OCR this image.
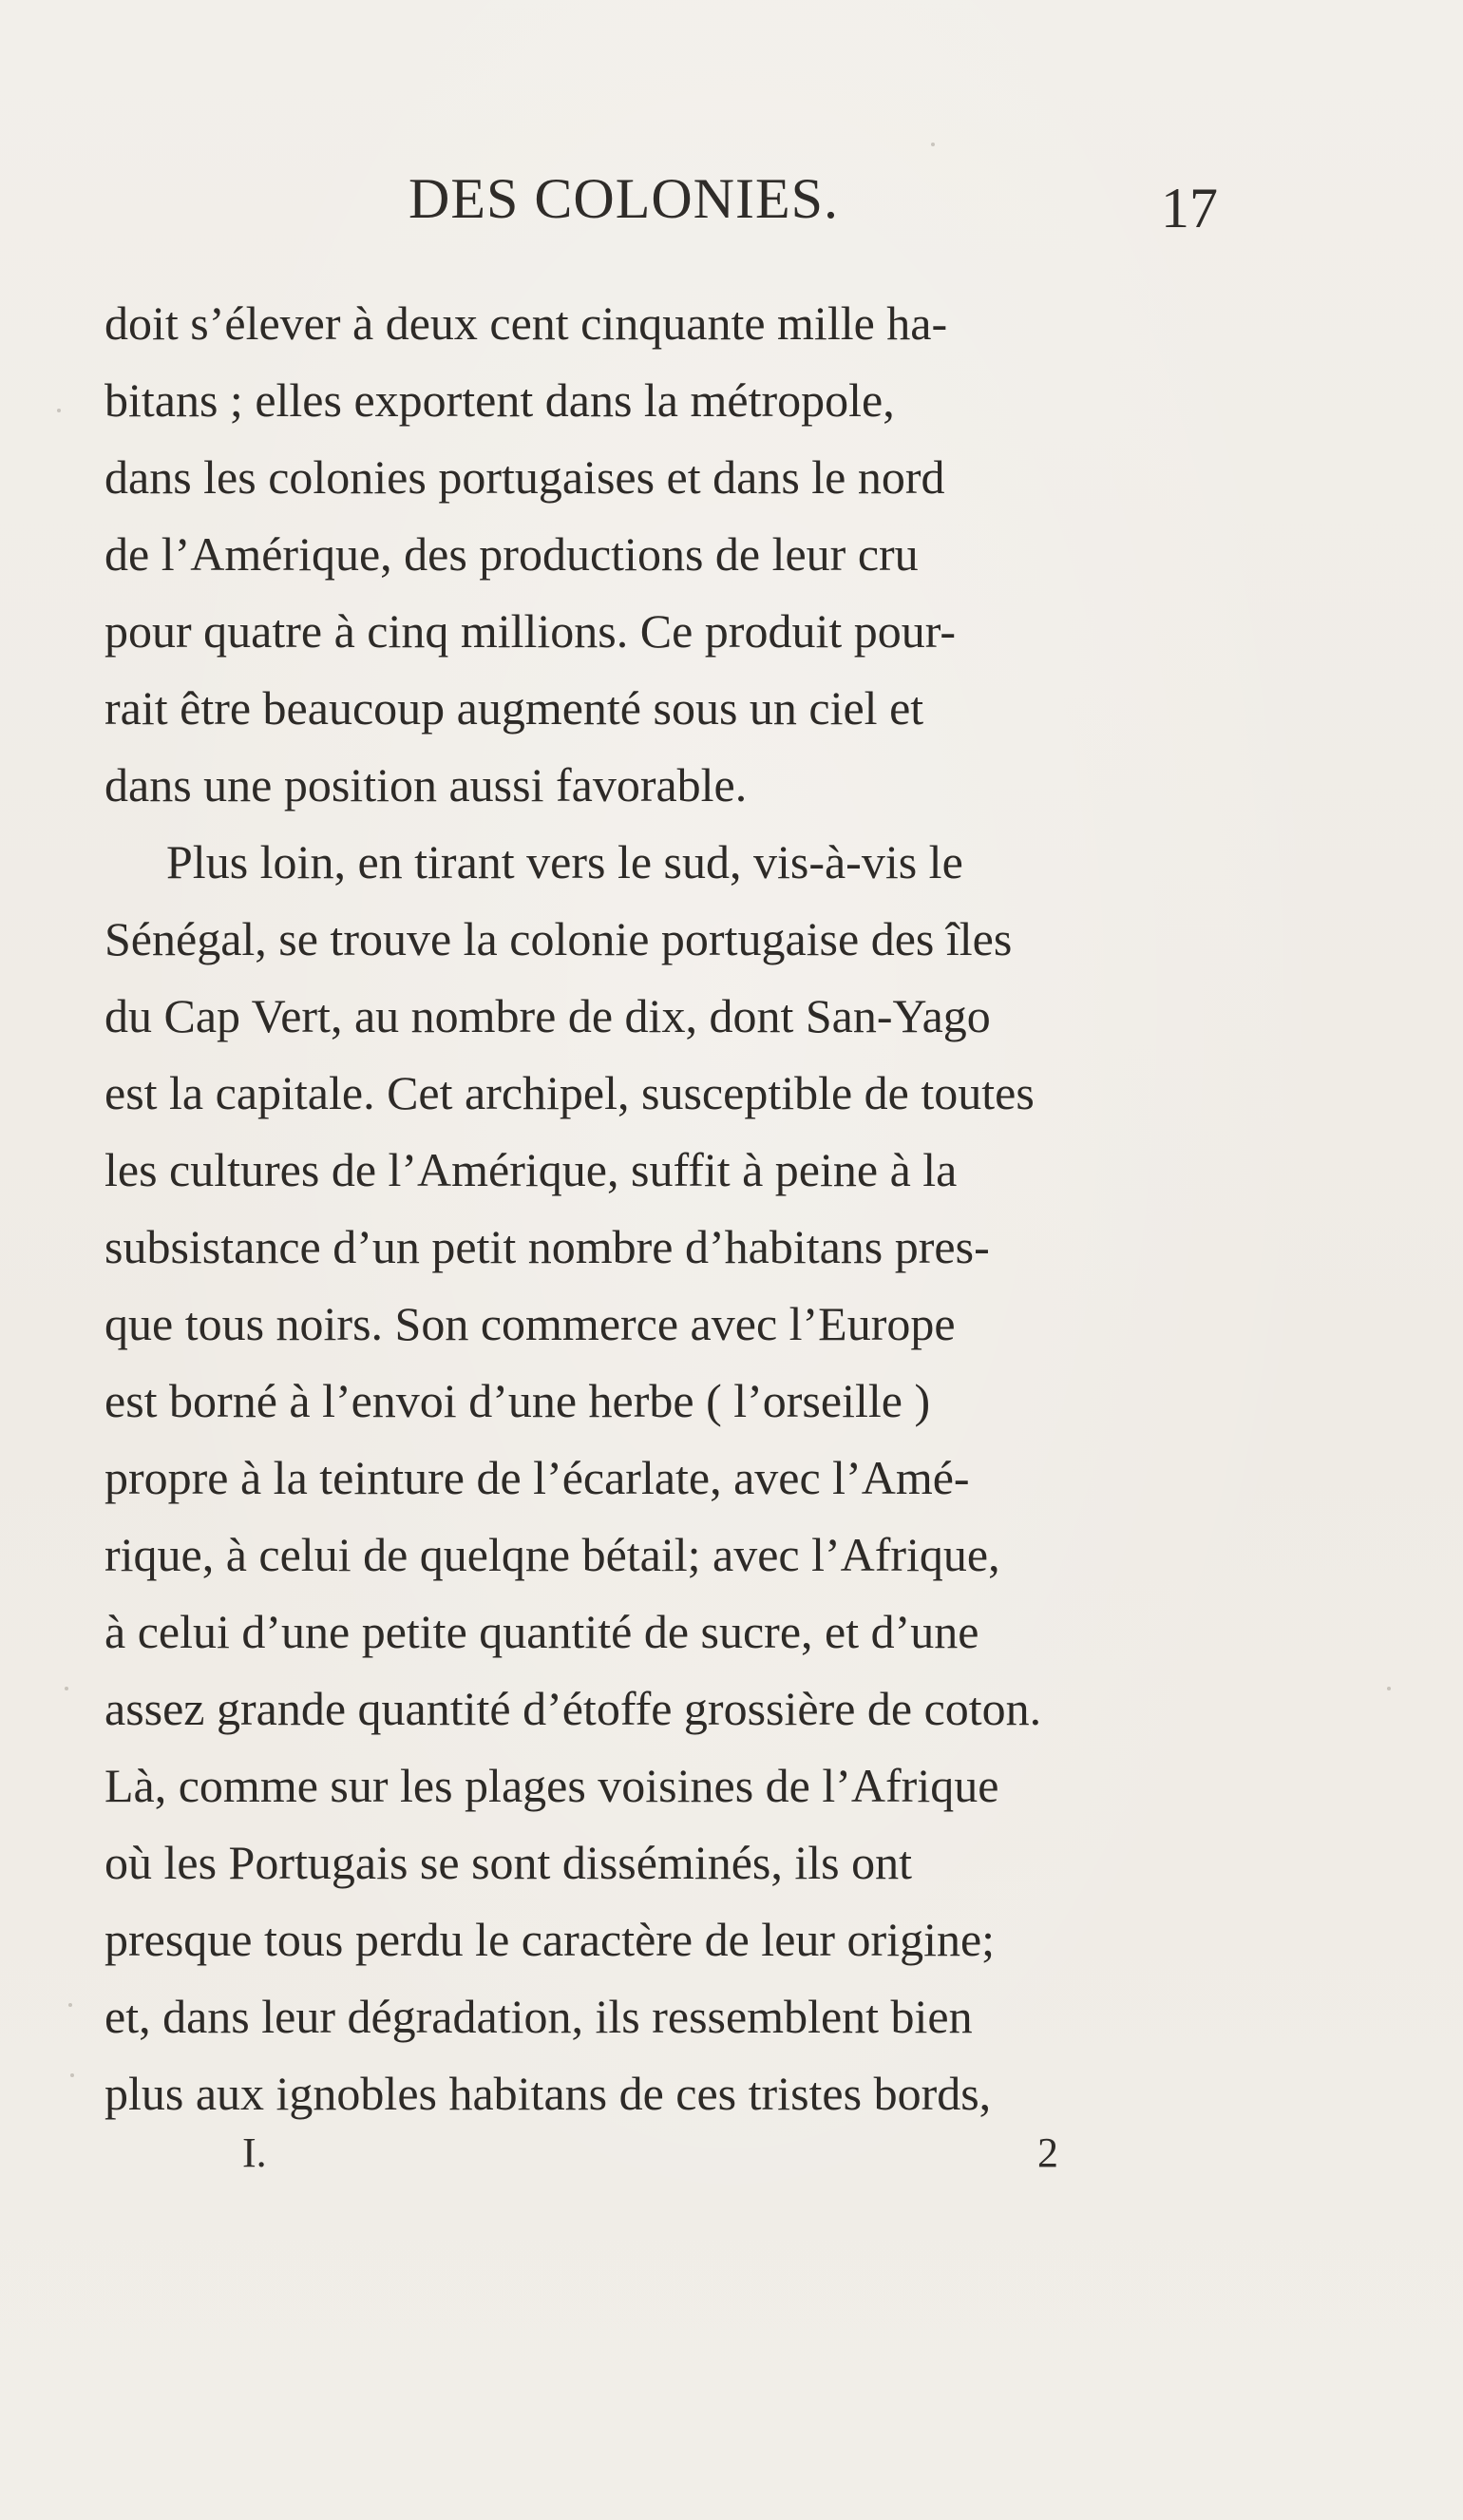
DES COLONIES.	17
doit s’élever à deux cent cinquante mille ha-
bitans ; elles exportent dans la métropole,
dans les colonies portugaises et dans le nord
de l’Amérique, des productions de leur cru
pour quatre à cinq millions. Ce produit pour-
rait être beaucoup augmenté sous un ciel et
dans une position aussi favorable.
Plus loin, en tirant vers le sud, vis-à-vis le
Sénégal, se trouve la colonie portugaise des îles
du Cap Vert, au nombre de dix, dont San-Yago
est la capitale. Cet archipel, susceptible de toutes
les cultures de l’Amérique, suffit à peine à la
subsistance d’un petit nombre d’habitans pres-
que tous noirs. Son commerce avec l’Europe
est borné à l’envoi d’une herbe ( l’orseille )
propre à la teinture de l’écarlate, avec l’Amé-
rique, à celui de quelqne bétail; avec l’Afrique,
à celui d’une petite quantité de sucre, et d’une
assez grande quantité d’étoffe grossière de coton.
Là, comme sur les plages voisines de l’Afrique
où les Portugais se sont disséminés, ils ont
presque tous perdu le caractère de leur origine;
et, dans leur dégradation, ils ressemblent bien
plus aux ignobles habitans de ces tristes bords,
I.	2
